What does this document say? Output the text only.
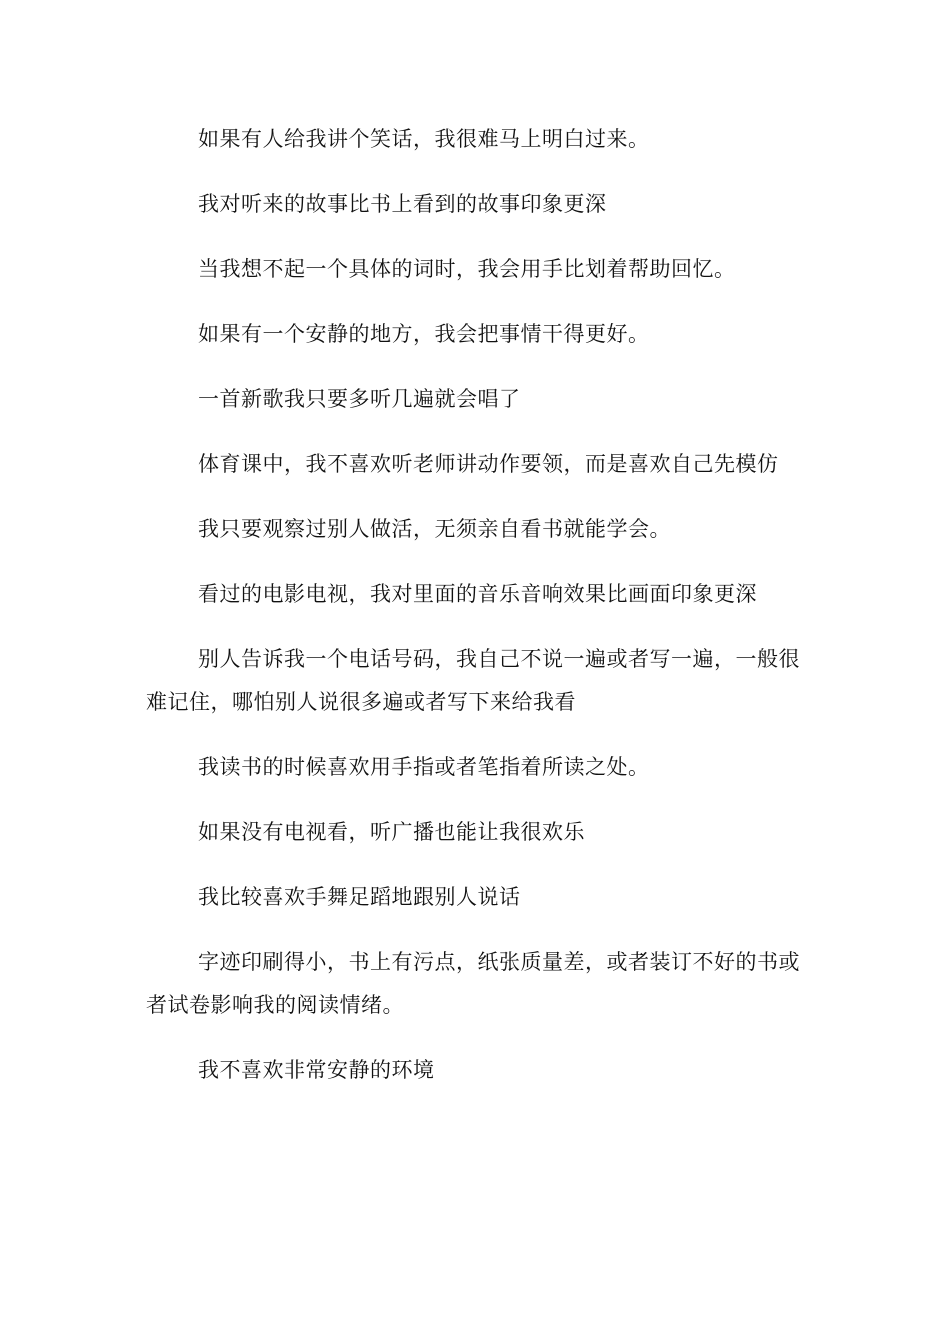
如果有人给我讲个笑话，我很难马上明白过来。

我对听来的故事比书上看到的故事印象更深

当我想不起一个具体的词时，我会用手比划着帮助回忆。

如果有一个安静的地方，我会把事情干得更好。

一首新歌我只要多听几遍就会唱了

体育课中，我不喜欢听老师讲动作要领，而是喜欢自己先模仿

我只要观察过别人做活，无须亲自看书就能学会。

看过的电影电视，我对里面的音乐音响效果比画面印象更深

别人告诉我一个电话号码，我自己不说一遍或者写一遍，一般很难记住，哪怕别人说很多遍或者写下来给我看

我读书的时候喜欢用手指或者笔指着所读之处。

如果没有电视看，听广播也能让我很欢乐

我比较喜欢手舞足蹈地跟别人说话

字迹印刷得小，书上有污点，纸张质量差，或者装订不好的书或者试卷影响我的阅读情绪。

我不喜欢非常安静的环境
